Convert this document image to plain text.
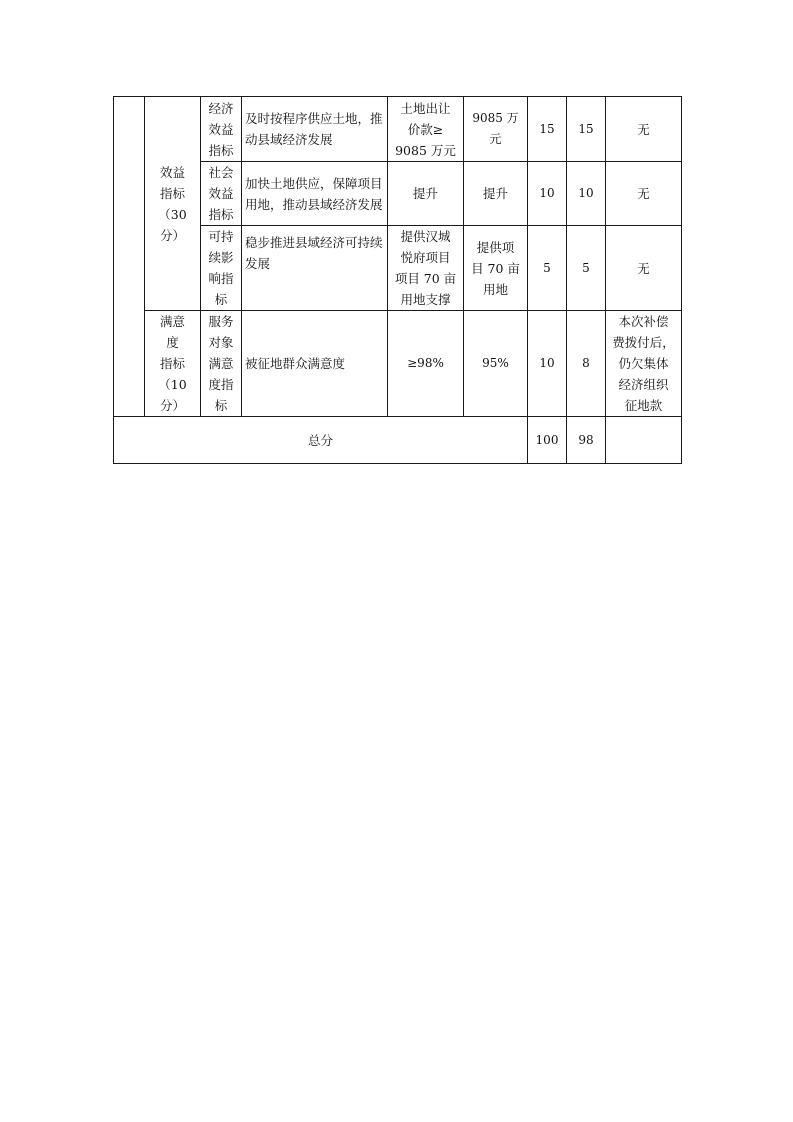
	效益
指标
（30
分）	经济
效益
指标	及时按程序供应土地，推动县域经济发展	土地出让
价款≥
9085 万元	9085 万
元	15	15	无
		社会
效益
指标	加快土地供应，保障项目用地，推动县域经济发展	提升	提升	10	10	无
		可持
续影
响指
标	稳步推进县域经济可持续发展	提供汉城
悦府项目
项目 70 亩
用地支撑	提供项
目 70 亩
用地	5	5	无
	满意
度
指标
（10
分）	服务
对象
满意
度指
标	被征地群众满意度	≥98%	95%	10	8	本次补偿
费拨付后，
仍欠集体
经济组织
征地款
总分						100	98	
